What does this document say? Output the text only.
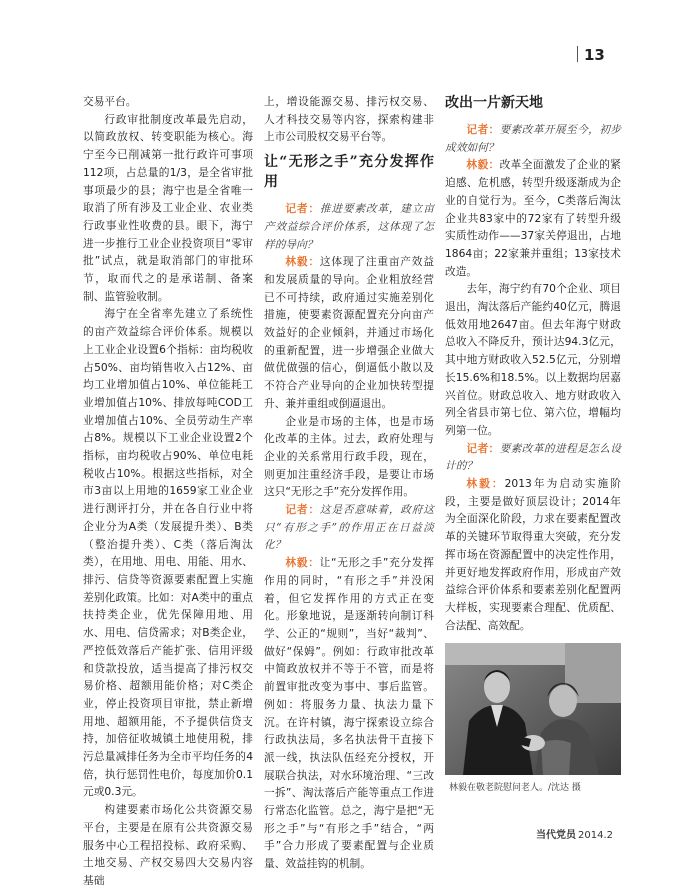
13

交易平台。

行政审批制度改革最先启动，以简政放权、转变职能为核心。海宁至今已削减第一批行政许可事项112项，占总量的1/3，是全省审批事项最少的县；海宁也是全省唯一取消了所有涉及工业企业、农业类行政事业性收费的县。眼下，海宁进一步推行工业企业投资项目“零审批”试点，就是取消部门的审批环节，取而代之的是承诺制、备案制、监管验收制。

海宁在全省率先建立了系统性的亩产效益综合评价体系。规模以上工业企业设置6个指标：亩均税收占50%、亩均销售收入占12%、亩均工业增加值占10%、单位能耗工业增加值占10%、排放每吨COD工业增加值占10%、全员劳动生产率占8%。规模以下工业企业设置2个指标，亩均税收占90%、单位电耗税收占10%。根据这些指标，对全市3亩以上用地的1659家工业企业进行测评打分，并在各自行业中将企业分为A类（发展提升类）、B类（整治提升类）、C类（落后淘汰类），在用地、用电、用能、用水、排污、信贷等资源要素配置上实施差别化政策。比如：对A类中的重点扶持类企业，优先保障用地、用水、用电、信贷需求；对B类企业，严控低效落后产能扩张、信用评级和贷款投放，适当提高了排污权交易价格、超额用能价格；对C类企业，停止投资项目审批，禁止新增用地、超额用能，不予提供信贷支持，加倍征收城镇土地使用税，排污总量减排任务为全市平均任务的4倍，执行惩罚性电价，每度加价0.1元或0.3元。

构建要素市场化公共资源交易平台，主要是在原有公共资源交易服务中心工程招投标、政府采购、土地交易、产权交易四大交易内容基础

上，增设能源交易、排污权交易、人才科技交易等内容，探索构建非上市公司股权交易平台等。

让“无形之手”充分发挥作用

记者：推进要素改革，建立亩产效益综合评价体系，这体现了怎样的导向？

林毅：这体现了注重亩产效益和发展质量的导向。企业粗放经营已不可持续，政府通过实施差别化措施，使要素资源配置充分向亩产效益好的企业倾斜，并通过市场化的重新配置，进一步增强企业做大做优做强的信心，倒逼低小散以及不符合产业导向的企业加快转型提升、兼并重组或倒逼退出。

企业是市场的主体，也是市场化改革的主体。过去，政府处理与企业的关系常用行政手段，现在，则更加注重经济手段，是要让市场这只“无形之手”充分发挥作用。

记者：这是否意味着，政府这只“有形之手”的作用正在日益淡化？

林毅：让“无形之手”充分发挥作用的同时，“有形之手”并没闲着，但它发挥作用的方式正在变化。形象地说，是逐渐转向制订科学、公正的“规则”，当好“裁判”、做好“保姆”。例如：行政审批改革中简政放权并不等于不管，而是将前置审批改变为事中、事后监管。例如：将服务力量、执法力量下沉。在许村镇，海宁探索设立综合行政执法局，多名执法骨干直接下派一线，执法队伍经充分授权，开展联合执法，对水环境治理、“三改一拆”、淘汰落后产能等重点工作进行常态化监管。总之，海宁是把“无形之手”与“有形之手”结合，“两手”合力形成了要素配置与企业质量、效益挂钩的机制。

改出一片新天地

记者：要素改革开展至今，初步成效如何？

林毅：改革全面激发了企业的紧迫感、危机感，转型升级逐渐成为企业的自觉行为。至今，C类落后淘汰企业共83家中的72家有了转型升级实质性动作——37家关停退出，占地1864亩；22家兼并重组；13家技术改造。

去年，海宁约有70个企业、项目退出，淘汰落后产能约40亿元，腾退低效用地2647亩。但去年海宁财政总收入不降反升，预计达94.3亿元，其中地方财政收入52.5亿元，分别增长15.6%和18.5%。以上数据均居嘉兴首位。财政总收入、地方财政收入列全省县市第七位、第六位，增幅均列第一位。

记者：要素改革的进程是怎么设计的？

林毅：2013年为启动实施阶段，主要是做好顶层设计；2014年为全面深化阶段，力求在要素配置改革的关键环节取得重大突破，充分发挥市场在资源配置中的决定性作用，并更好地发挥政府作用，形成亩产效益综合评价体系和要素差别化配置两大样板，实现要素合理配、优质配、合法配、高效配。

林毅在敬老院慰问老人。/沈达 摄
当代党员 2014.2
